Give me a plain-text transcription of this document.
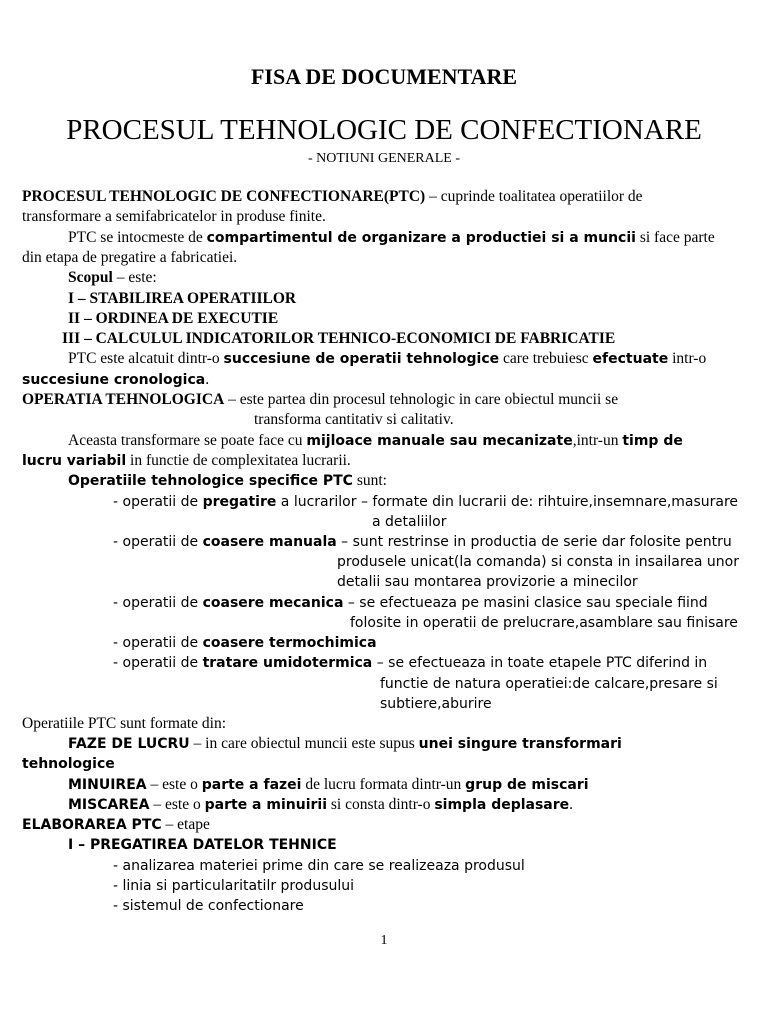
FISA DE DOCUMENTARE
PROCESUL TEHNOLOGIC DE CONFECTIONARE
- NOTIUNI GENERALE -
PROCESUL TEHNOLOGIC DE CONFECTIONARE(PTC) – cuprinde toalitatea operatiilor de
transformare a semifabricatelor in produse finite.
PTC se intocmeste de compartimentul de organizare a productiei si a muncii si face parte
din etapa de pregatire a fabricatiei.
Scopul – este:
I – STABILIREA OPERATIILOR
II – ORDINEA DE EXECUTIE
III – CALCULUL INDICATORILOR TEHNICO-ECONOMICI DE FABRICATIE
PTC este alcatuit dintr-o succesiune de operatii tehnologice care trebuiesc efectuate intr-o
succesiune cronologica.
OPERATIA TEHNOLOGICA – este partea din procesul tehnologic in care obiectul muncii se
transforma cantitativ si calitativ.
Aceasta transformare se poate face cu mijloace manuale sau mecanizate,intr-un timp de
lucru variabil in functie de complexitatea lucrarii.
Operatiile tehnologice specifice PTC sunt:
- operatii de pregatire a lucrarilor – formate din lucrarii de: rihtuire,insemnare,masurare
a detaliilor
- operatii de coasere manuala – sunt restrinse in productia de serie dar folosite pentru
produsele unicat(la comanda) si consta in insailarea unor
detalii sau montarea provizorie a minecilor
- operatii de coasere mecanica – se efectueaza pe masini clasice sau speciale fiind
folosite in operatii de prelucrare,asamblare sau finisare
- operatii de coasere termochimica
- operatii de tratare umidotermica – se efectueaza in toate etapele PTC diferind in
functie de natura operatiei:de calcare,presare si
subtiere,aburire
Operatiile PTC sunt formate din:
FAZE DE LUCRU – in care obiectul muncii este supus unei singure transformari
tehnologice
MINUIREA – este o parte a fazei de lucru formata dintr-un grup de miscari
MISCAREA – este o parte a minuirii si consta dintr-o simpla deplasare.
ELABORAREA PTC – etape
I – PREGATIREA DATELOR TEHNICE
- analizarea materiei prime din care se realizeaza produsul
- linia si particularitatilr produsului
- sistemul de confectionare
1
